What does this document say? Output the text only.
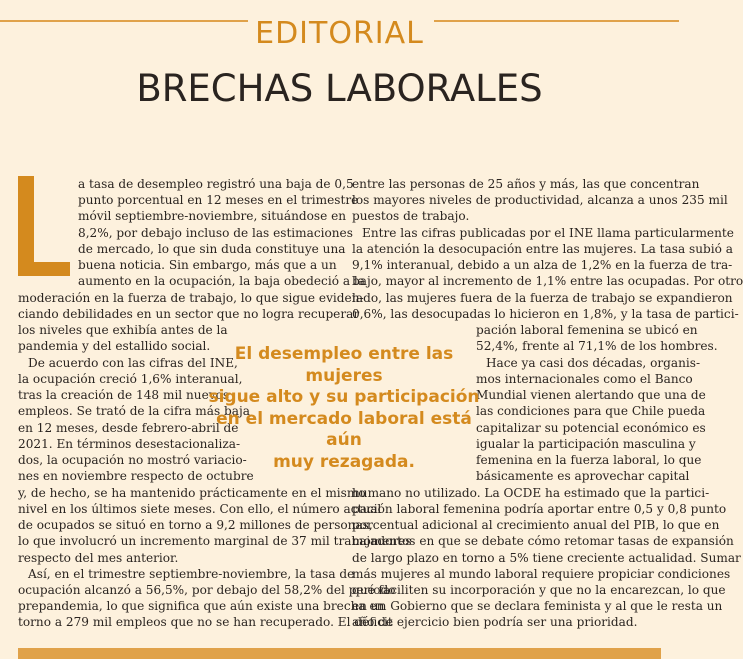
EDITORIAL
BRECHAS LABORALES
a tasa de desempleo registró una baja de 0,5
punto porcentual en 12 meses en el trimestre
móvil septiembre-noviembre, situándose en
8,2%, por debajo incluso de las estimaciones
de mercado, lo que sin duda constituye una
buena noticia. Sin embargo, más que a un
aumento en la ocupación, la baja obedeció a la
moderación en la fuerza de trabajo, lo que sigue eviden-
ciando debilidades en un sector que no logra recuperar
los niveles que exhibía antes de la
pandemia y del estallido social.
De acuerdo con las cifras del INE,
la ocupación creció 1,6% interanual,
tras la creación de 148 mil nuevos
empleos. Se trató de la cifra más baja
en 12 meses, desde febrero-abril de
2021. En términos desestacionaliza-
dos, la ocupación no mostró variacio-
nes en noviembre respecto de octubre
y, de hecho, se ha mantenido prácticamente en el mismo
nivel en los últimos siete meses. Con ello, el número actual
de ocupados se situó en torno a 9,2 millones de personas,
lo que involucró un incremento marginal de 37 mil trabajadores
respecto del mes anterior.
Así, en el trimestre septiembre-noviembre, la tasa de
ocupación alcanzó a 56,5%, por debajo del 58,2% del período
prepandemia, lo que significa que aún existe una brecha en
torno a 279 mil empleos que no se han recuperado. El déficit
entre las personas de 25 años y más, las que concentran
los mayores niveles de productividad, alcanza a unos 235 mil
puestos de trabajo.
Entre las cifras publicadas por el INE llama particularmente
la atención la desocupación entre las mujeres. La tasa subió a
9,1% interanual, debido a un alza de 1,2% en la fuerza de tra-
bajo, mayor al incremento de 1,1% entre las ocupadas. Por otro
lado, las mujeres fuera de la fuerza de trabajo se expandieron
0,6%, las desocupadas lo hicieron en 1,8%, y la tasa de partici-
pación laboral femenina se ubicó en
52,4%, frente al 71,1% de los hombres.
Hace ya casi dos décadas, organis-
mos internacionales como el Banco
Mundial vienen alertando que una de
las condiciones para que Chile pueda
capitalizar su potencial económico es
igualar la participación masculina y
femenina en la fuerza laboral, lo que
básicamente es aprovechar capital
humano no utilizado. La OCDE ha estimado que la partici-
pación laboral femenina podría aportar entre 0,5 y 0,8 punto
porcentual adicional al crecimiento anual del PIB, lo que en
momentos en que se debate cómo retomar tasas de expansión
de largo plazo en torno a 5% tiene creciente actualidad. Sumar
más mujeres al mundo laboral requiere propiciar condiciones
que faciliten su incorporación y que no la encarezcan, lo que
en un Gobierno que se declara feminista y al que le resta un
año de ejercicio bien podría ser una prioridad.
El desempleo entre las mujeres
sigue alto y su participación
en el mercado laboral está aún
muy rezagada.
